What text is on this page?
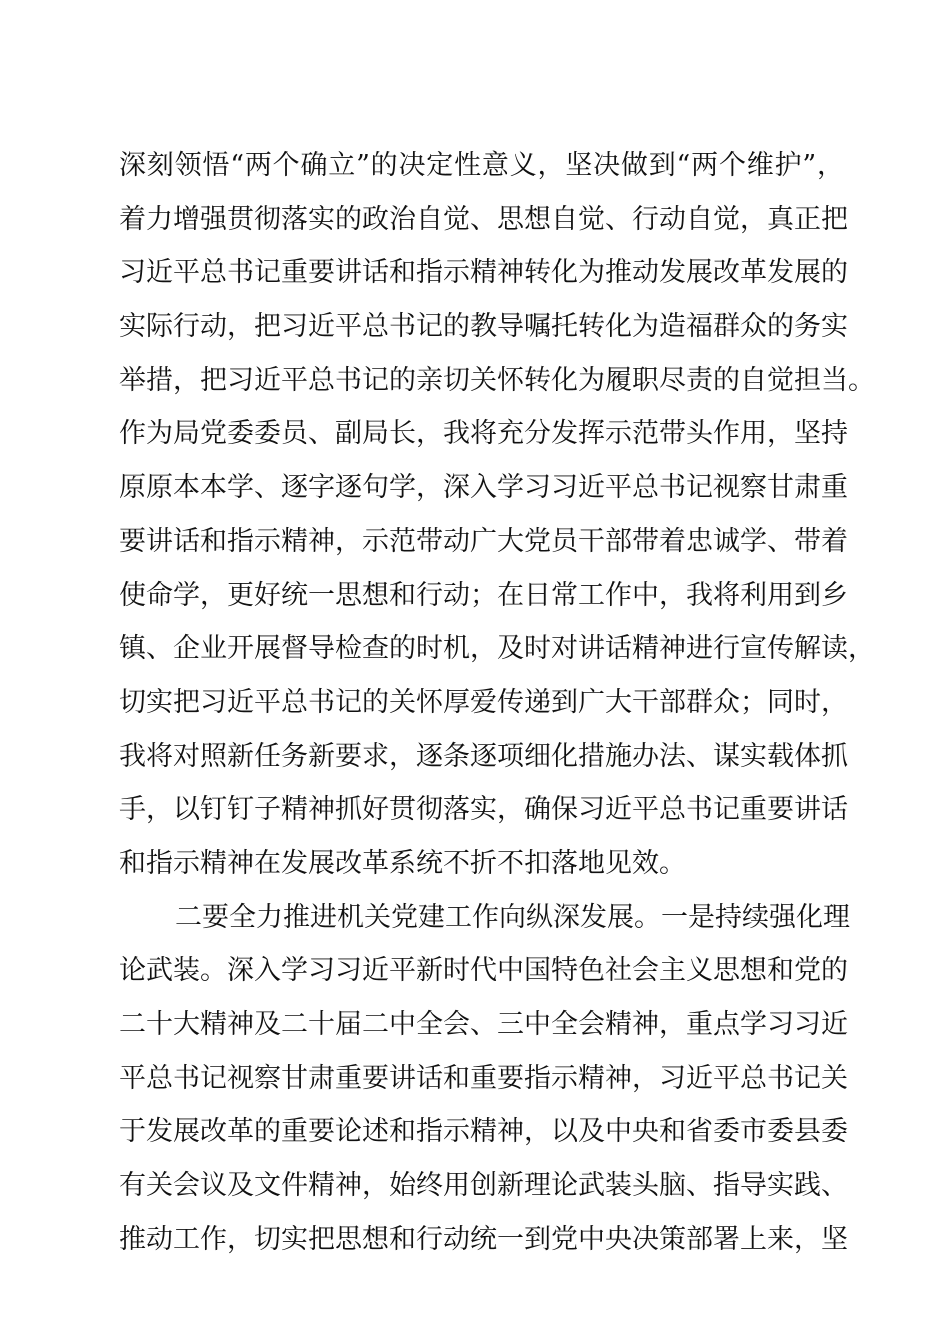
深刻领悟“两个确立”的决定性意义，坚决做到“两个维护”，
着力增强贯彻落实的政治自觉、思想自觉、行动自觉，真正把
习近平总书记重要讲话和指示精神转化为推动发展改革发展的
实际行动，把习近平总书记的教导嘱托转化为造福群众的务实
举措，把习近平总书记的亲切关怀转化为履职尽责的自觉担当。
作为局党委委员、副局长，我将充分发挥示范带头作用，坚持
原原本本学、逐字逐句学，深入学习习近平总书记视察甘肃重
要讲话和指示精神，示范带动广大党员干部带着忠诚学、带着
使命学，更好统一思想和行动；在日常工作中，我将利用到乡
镇、企业开展督导检查的时机，及时对讲话精神进行宣传解读，
切实把习近平总书记的关怀厚爱传递到广大干部群众；同时，
我将对照新任务新要求，逐条逐项细化措施办法、谋实载体抓
手，以钉钉子精神抓好贯彻落实，确保习近平总书记重要讲话
和指示精神在发展改革系统不折不扣落地见效。
二要全力推进机关党建工作向纵深发展。一是持续强化理
论武装。深入学习习近平新时代中国特色社会主义思想和党的
二十大精神及二十届二中全会、三中全会精神，重点学习习近
平总书记视察甘肃重要讲话和重要指示精神，习近平总书记关
于发展改革的重要论述和指示精神，以及中央和省委市委县委
有关会议及文件精神，始终用创新理论武装头脑、指导实践、
推动工作，切实把思想和行动统一到党中央决策部署上来，坚
